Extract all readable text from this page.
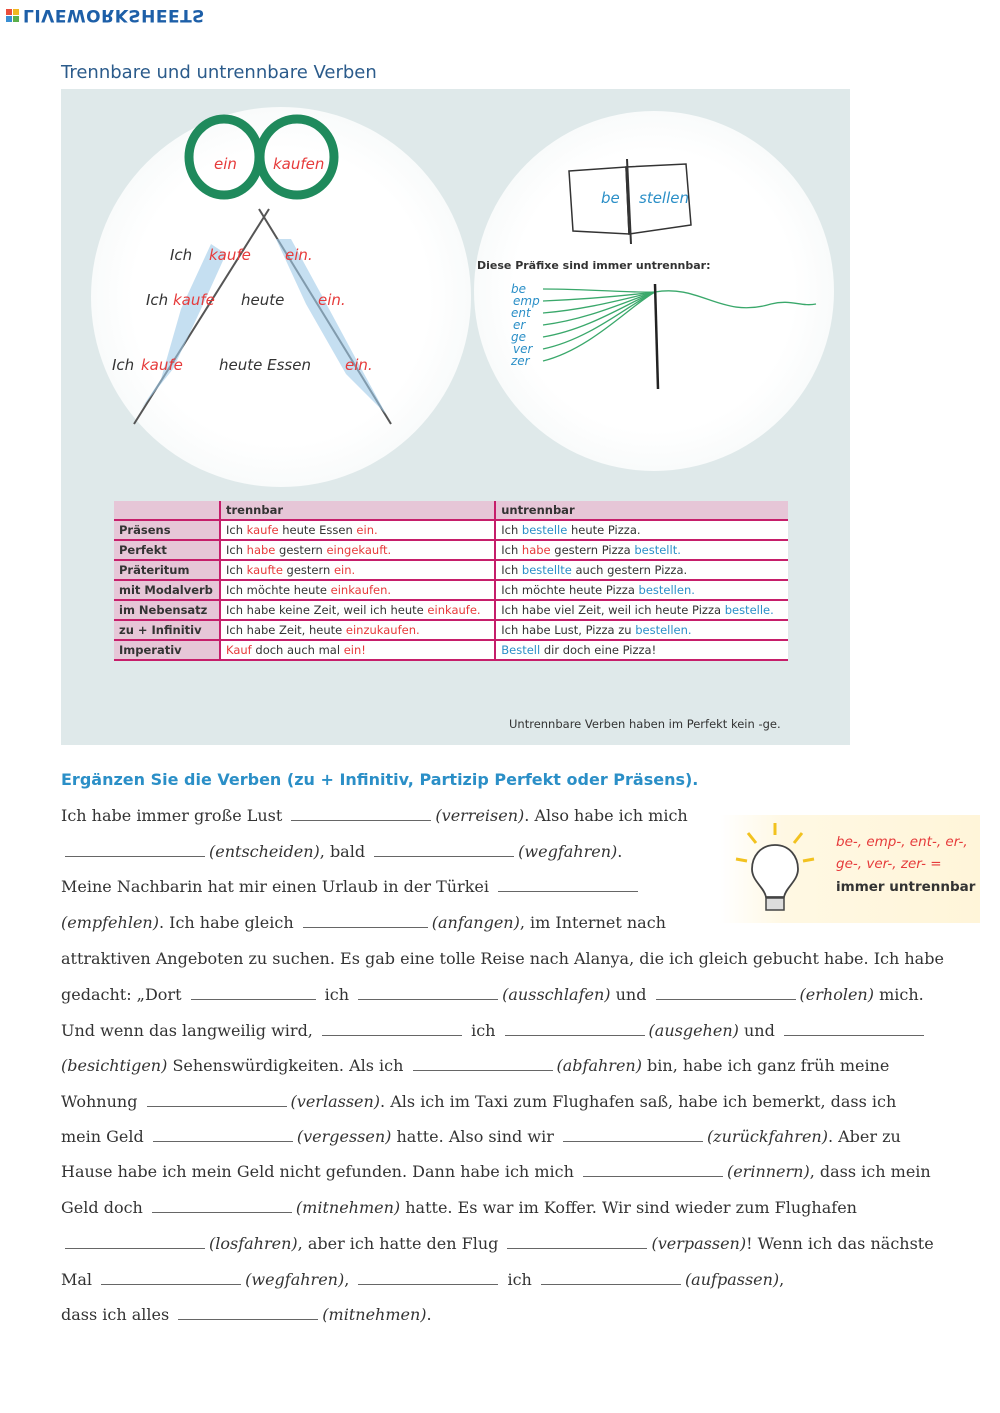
LIVEWORKSHEETS
Trennbare und untrennbare Verben
ein kaufen
Ich kaufe ein.
Ich kaufe heute ein.
Ich kaufe heute Essen ein.
be stellen
Diese Präfixe sind immer untrennbar:
be
emp
ent
er
ge
ver
zer
	trennbar	untrennbar
Präsens	Ich kaufe heute Essen ein.	Ich bestelle heute Pizza.
Perfekt	Ich habe gestern eingekauft.	Ich habe gestern Pizza bestellt.
Präteritum	Ich kaufte gestern ein.	Ich bestellte auch gestern Pizza.
mit Modalverb	Ich möchte heute einkaufen.	Ich möchte heute Pizza bestellen.
im Nebensatz	Ich habe keine Zeit, weil ich heute einkaufe.	Ich habe viel Zeit, weil ich heute Pizza bestelle.
zu + Infinitiv	Ich habe Zeit, heute einzukaufen.	Ich habe Lust, Pizza zu bestellen.
Imperativ	Kauf doch auch mal ein!	Bestell dir doch eine Pizza!
Untrennbare Verben haben im Perfekt kein -ge.
Ergänzen Sie die Verben (zu + Infinitiv, Partizip Perfekt oder Präsens).
be-, emp-, ent-, er-, ge-, ver-, zer- =
immer untrennbar
Ich habe immer große Lust	(verreisen). Also habe ich mich
(entscheiden), bald	(wegfahren).
Meine Nachbarin hat mir einen Urlaub in der Türkei
(empfehlen). Ich habe gleich	(anfangen), im Internet nach
attraktiven Angeboten zu suchen. Es gab eine tolle Reise nach Alanya, die ich gleich gebucht habe. Ich habe
gedacht: „Dort	ich	(ausschlafen) und	(erholen) mich.
Und wenn das langweilig wird,	ich	(ausgehen) und
(besichtigen) Sehenswürdigkeiten. Als ich	(abfahren) bin, habe ich ganz früh meine
Wohnung	(verlassen). Als ich im Taxi zum Flughafen saß, habe ich bemerkt, dass ich
mein Geld	(vergessen) hatte. Also sind wir	(zurückfahren). Aber zu
Hause habe ich mein Geld nicht gefunden. Dann habe ich mich	(erinnern), dass ich mein
Geld doch	(mitnehmen) hatte. Es war im Koffer. Wir sind wieder zum Flughafen
(losfahren), aber ich hatte den Flug	(verpassen)! Wenn ich das nächste
Mal	(wegfahren),	ich	(aufpassen),
dass ich alles	(mitnehmen).
